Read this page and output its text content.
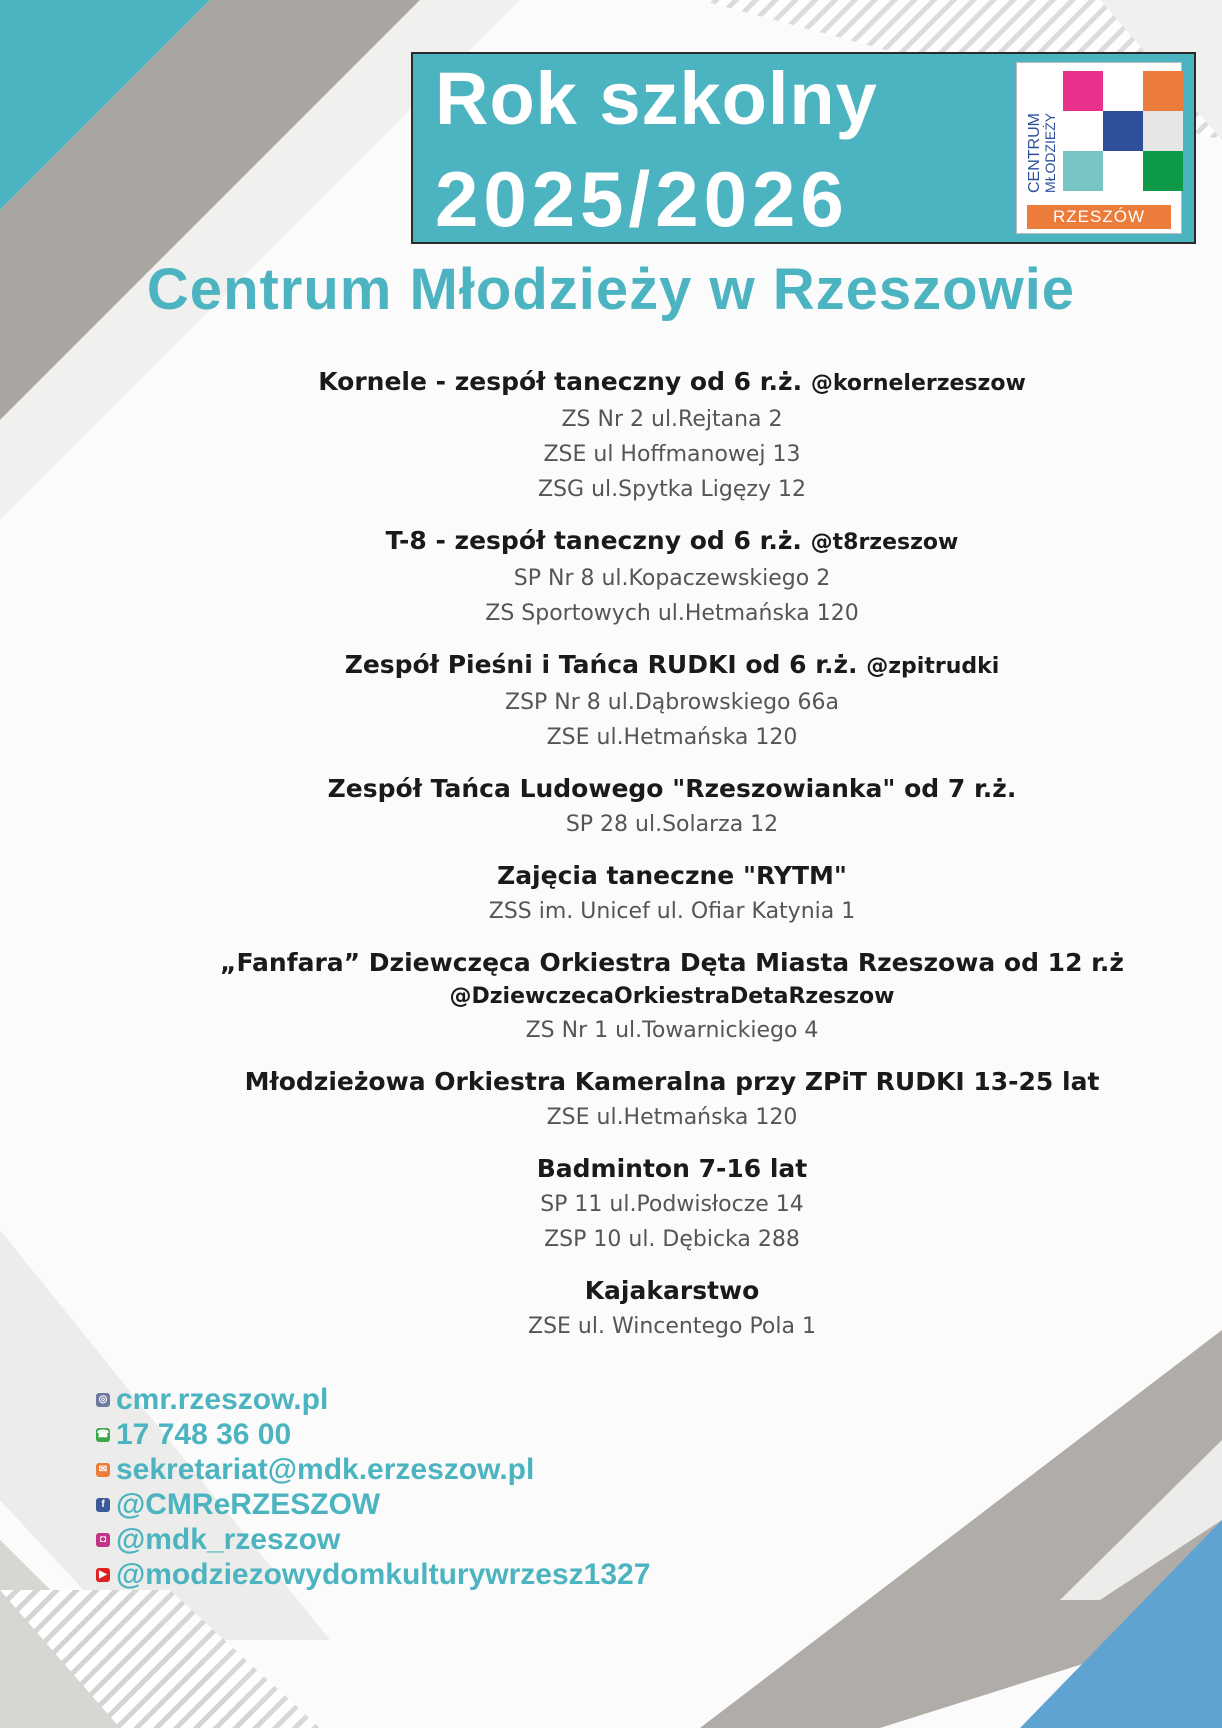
Rok szkolny
2025/2026
CENTRUM MŁODZIEŻY
RZESZÓW
Centrum Młodzieży w Rzeszowie
Kornele - zespół taneczny od 6 r.ż. @kornelerzeszow
ZS Nr 2 ul.Rejtana 2
ZSE ul Hoffmanowej 13
ZSG ul.Spytka Ligęzy 12
T-8 - zespół taneczny od 6 r.ż. @t8rzeszow
SP Nr 8 ul.Kopaczewskiego 2
ZS Sportowych ul.Hetmańska 120
Zespół Pieśni i Tańca RUDKI od 6 r.ż. @zpitrudki
ZSP Nr 8 ul.Dąbrowskiego 66a
ZSE ul.Hetmańska 120
Zespół Tańca Ludowego "Rzeszowianka" od 7 r.ż.
SP 28 ul.Solarza 12
Zajęcia taneczne "RYTM"
ZSS im. Unicef ul. Ofiar Katynia 1
„Fanfara” Dziewczęca Orkiestra Dęta Miasta Rzeszowa od 12 r.ż
@DziewczecaOrkiestraDetaRzeszow
ZS Nr 1 ul.Towarnickiego 4
Młodzieżowa Orkiestra Kameralna przy ZPiT RUDKI 13-25 lat
ZSE ul.Hetmańska 120
Badminton 7-16 lat
SP 11 ul.Podwisłocze 14
ZSP 10 ul. Dębicka 288
Kajakarstwo
ZSE ul. Wincentego Pola 1
◎ cmr.rzeszow.pl
☎ 17 748 36 00
✉ sekretariat@mdk.erzeszow.pl
f @CMReRZESZOW
◘ @mdk_rzeszow
▶ @modziezowydomkulturywrzesz1327
